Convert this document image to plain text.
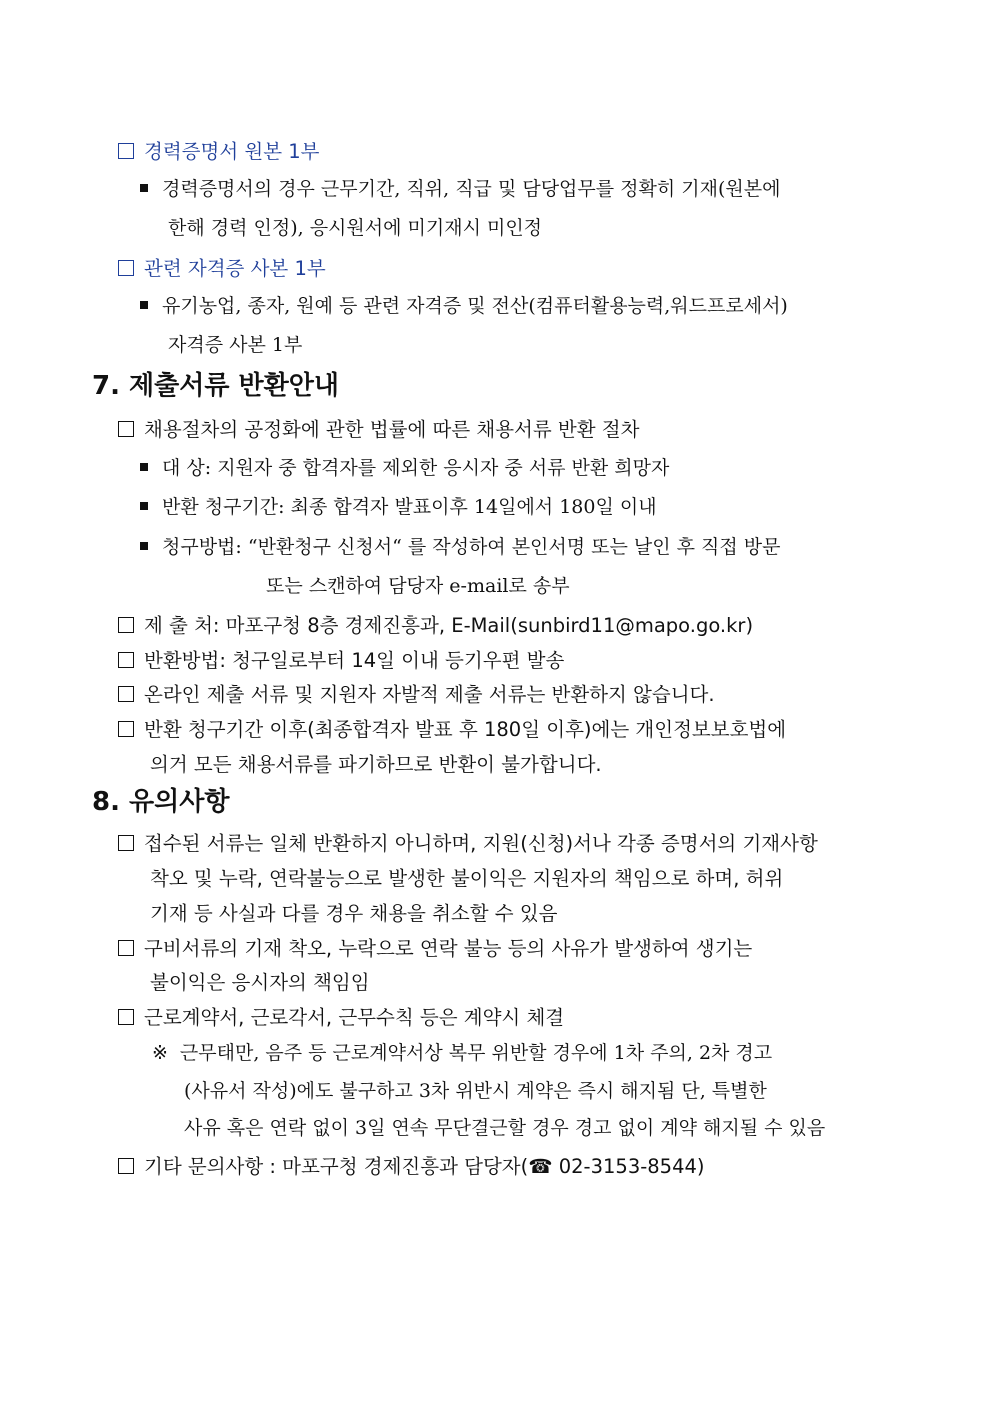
경력증명서 원본 1부
경력증명서의 경우 근무기간, 직위, 직급 및 담당업무를 정확히 기재(원본에
한해 경력 인정), 응시원서에 미기재시 미인정
관련 자격증 사본 1부
유기농업, 종자, 원예 등 관련 자격증 및 전산(컴퓨터활용능력,워드프로세서)
자격증 사본 1부
7. 제출서류 반환안내
채용절차의 공정화에 관한 법률에 따른 채용서류 반환 절차
대 상: 지원자 중 합격자를 제외한 응시자 중 서류 반환 희망자
반환 청구기간: 최종 합격자 발표이후 14일에서 180일 이내
청구방법: “반환청구 신청서“ 를 작성하여 본인서명 또는 날인 후 직접 방문
또는 스캔하여 담당자 e-mail로 송부
제 출 처: 마포구청 8층 경제진흥과, E-Mail(sunbird11@mapo.go.kr)
반환방법: 청구일로부터 14일 이내 등기우편 발송
온라인 제출 서류 및 지원자 자발적 제출 서류는 반환하지 않습니다.
반환 청구기간 이후(최종합격자 발표 후 180일 이후)에는 개인정보보호법에
의거 모든 채용서류를 파기하므로 반환이 불가합니다.
8. 유의사항
접수된 서류는 일체 반환하지 아니하며, 지원(신청)서나 각종 증명서의 기재사항
착오 및 누락, 연락불능으로 발생한 불이익은 지원자의 책임으로 하며, 허위
기재 등 사실과 다를 경우 채용을 취소할 수 있음
구비서류의 기재 착오, 누락으로 연락 불능 등의 사유가 발생하여 생기는
불이익은 응시자의 책임임
근로계약서, 근로각서, 근무수칙 등은 계약시 체결
※ 근무태만, 음주 등 근로계약서상 복무 위반할 경우에 1차 주의, 2차 경고
(사유서 작성)에도 불구하고 3차 위반시 계약은 즉시 해지됨 단, 특별한
사유 혹은 연락 없이 3일 연속 무단결근할 경우 경고 없이 계약 해지될 수 있음
기타 문의사항 : 마포구청 경제진흥과 담당자(☎ 02-3153-8544)
